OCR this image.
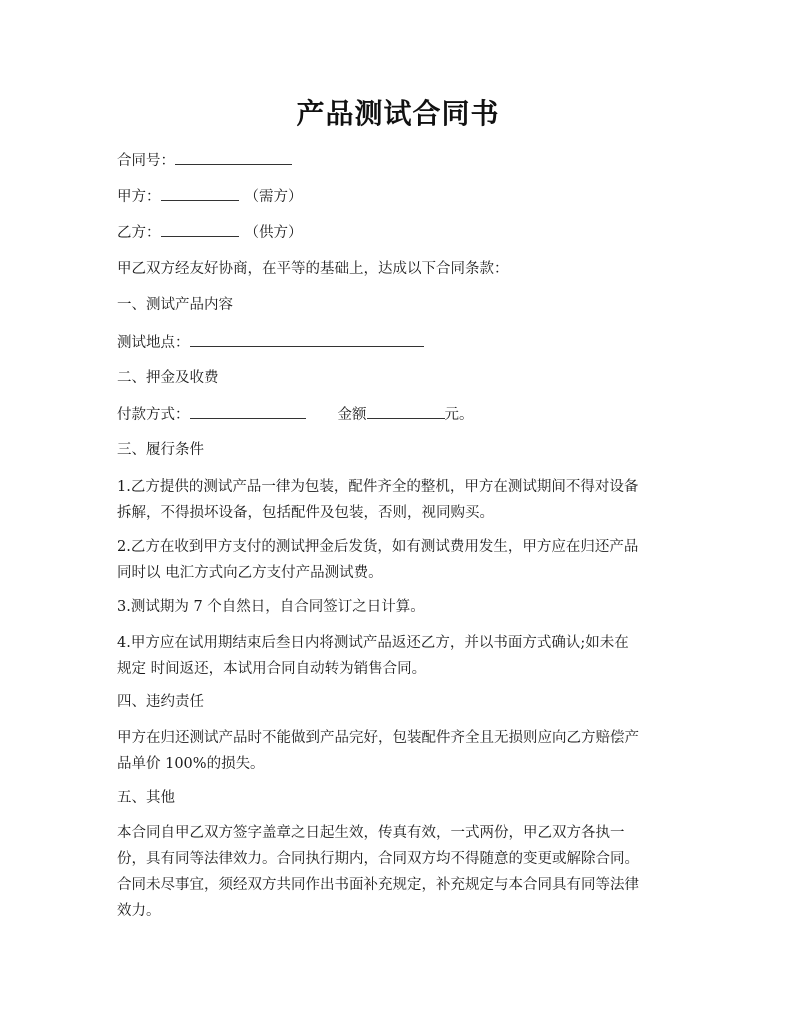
产品测试合同书
合同号：
甲方：	（需方）
乙方：	（供方）
甲乙双方经友好协商，在平等的基础上，达成以下合同条款：
一、测试产品内容
测试地点：
二、押金及收费
付款方式：	金额	元。
三、履行条件
1.乙方提供的测试产品一律为包装，配件齐全的整机，甲方在测试期间不得对设备
拆解，不得损坏设备，包括配件及包装，否则，视同购买。
2.乙方在收到甲方支付的测试押金后发货，如有测试费用发生，甲方应在归还产品
同时以 电汇方式向乙方支付产品测试费。
3.测试期为 7 个自然日，自合同签订之日计算。
4.甲方应在试用期结束后叁日内将测试产品返还乙方，并以书面方式确认;如未在
规定 时间返还，本试用合同自动转为销售合同。
四、违约责任
甲方在归还测试产品时不能做到产品完好，包装配件齐全且无损则应向乙方赔偿产
品单价 100%的损失。
五、其他
本合同自甲乙双方签字盖章之日起生效，传真有效，一式两份，甲乙双方各执一
份，具有同等法律效力。合同执行期内，合同双方均不得随意的变更或解除合同。
合同未尽事宜，须经双方共同作出书面补充规定，补充规定与本合同具有同等法律
效力。
